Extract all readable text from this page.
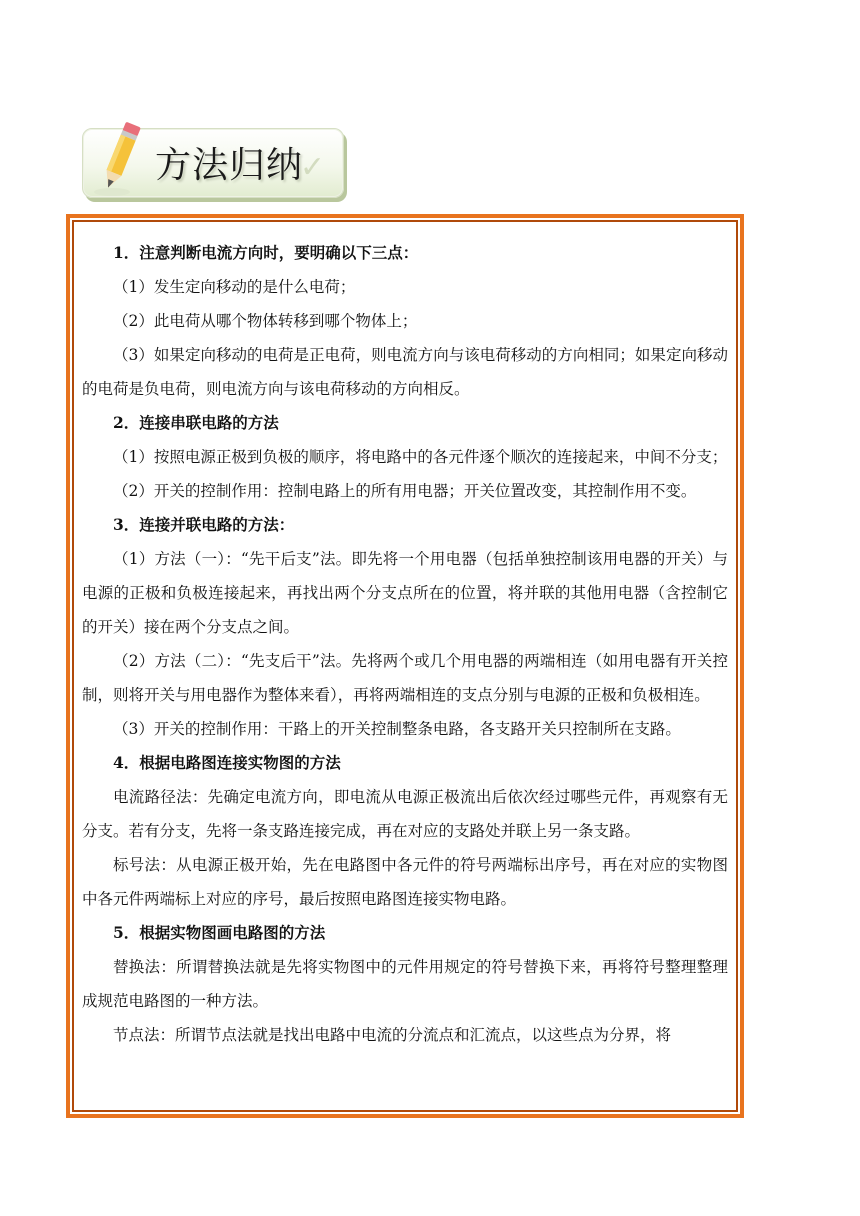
方法归纳
✓

1．注意判断电流方向时，要明确以下三点：

（1）发生定向移动的是什么电荷；

（2）此电荷从哪个物体转移到哪个物体上；

（3）如果定向移动的电荷是正电荷，则电流方向与该电荷移动的方向相同；如果定向移动的电荷是负电荷，则电流方向与该电荷移动的方向相反。

2．连接串联电路的方法

（1）按照电源正极到负极的顺序，将电路中的各元件逐个顺次的连接起来，中间不分支；

（2）开关的控制作用：控制电路上的所有用电器；开关位置改变，其控制作用不变。

3．连接并联电路的方法：

（1）方法（一）：“先干后支”法。即先将一个用电器（包括单独控制该用电器的开关）与电源的正极和负极连接起来，再找出两个分支点所在的位置，将并联的其他用电器（含控制它的开关）接在两个分支点之间。

（2）方法（二）：“先支后干”法。先将两个或几个用电器的两端相连（如用电器有开关控制，则将开关与用电器作为整体来看），再将两端相连的支点分别与电源的正极和负极相连。

（3）开关的控制作用：干路上的开关控制整条电路，各支路开关只控制所在支路。

4．根据电路图连接实物图的方法

电流路径法：先确定电流方向，即电流从电源正极流出后依次经过哪些元件，再观察有无分支。若有分支，先将一条支路连接完成，再在对应的支路处并联上另一条支路。

标号法：从电源正极开始，先在电路图中各元件的符号两端标出序号，再在对应的实物图中各元件两端标上对应的序号，最后按照电路图连接实物电路。

5．根据实物图画电路图的方法

替换法：所谓替换法就是先将实物图中的元件用规定的符号替换下来，再将符号整理整理成规范电路图的一种方法。

节点法：所谓节点法就是找出电路中电流的分流点和汇流点，以这些点为分界，将
